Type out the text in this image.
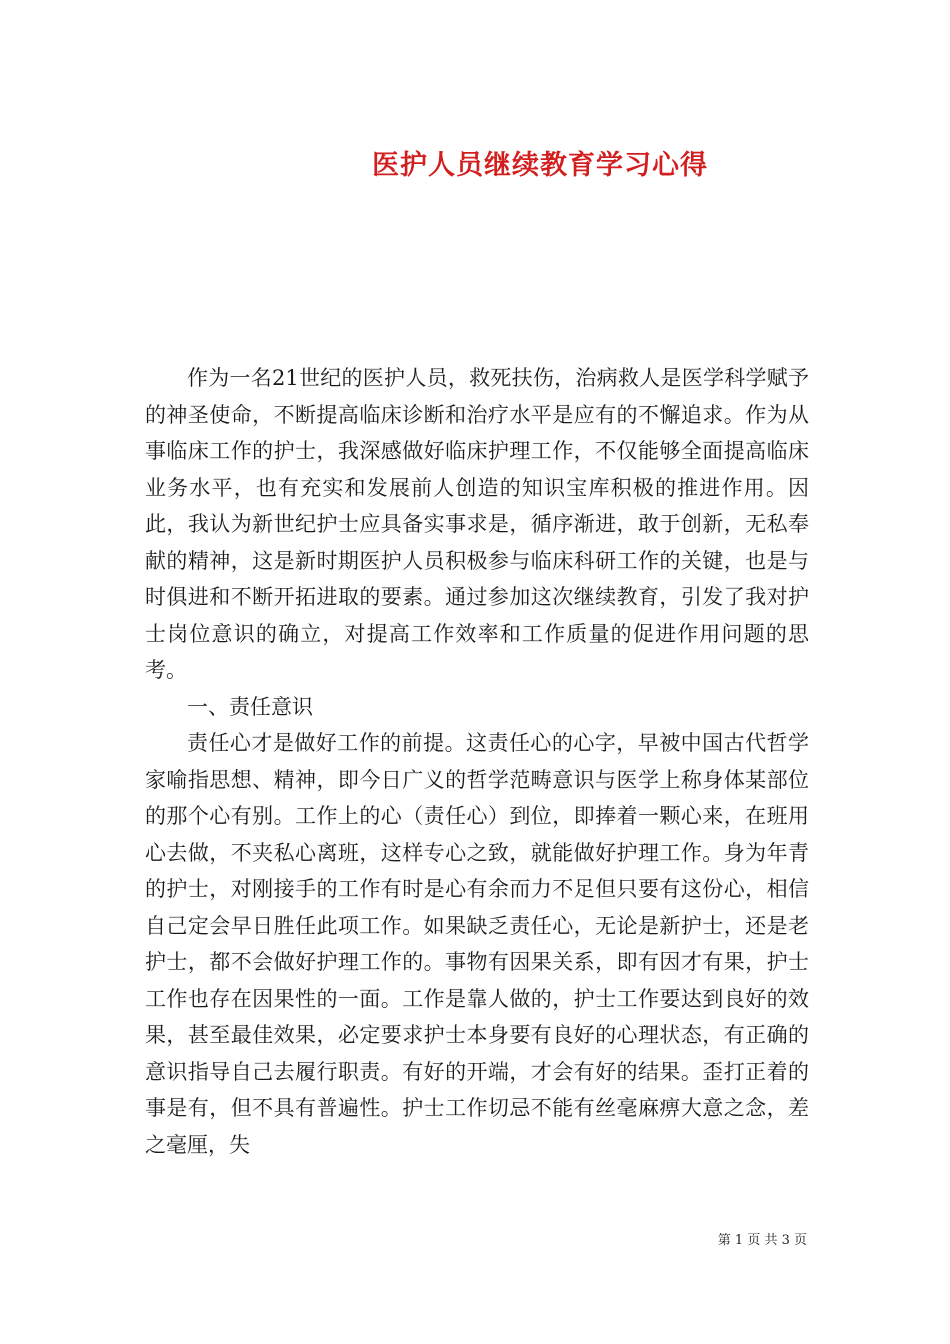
医护人员继续教育学习心得

作为一名21世纪的医护人员，救死扶伤，治病救人是医学科学赋予的神圣使命，不断提高临床诊断和治疗水平是应有的不懈追求。作为从事临床工作的护士，我深感做好临床护理工作，不仅能够全面提高临床业务水平，也有充实和发展前人创造的知识宝库积极的推进作用。因此，我认为新世纪护士应具备实事求是，循序渐进，敢于创新，无私奉献的精神，这是新时期医护人员积极参与临床科研工作的关键，也是与时俱进和不断开拓进取的要素。通过参加这次继续教育，引发了我对护士岗位意识的确立，对提高工作效率和工作质量的促进作用问题的思考。

一、责任意识

责任心才是做好工作的前提。这责任心的心字，早被中国古代哲学家喻指思想、精神，即今日广义的哲学范畴意识与医学上称身体某部位的那个心有别。工作上的心（责任心）到位，即捧着一颗心来，在班用心去做，不夹私心离班，这样专心之致，就能做好护理工作。身为年青的护士，对刚接手的工作有时是心有余而力不足但只要有这份心，相信自己定会早日胜任此项工作。如果缺乏责任心，无论是新护士，还是老护士，都不会做好护理工作的。事物有因果关系，即有因才有果，护士工作也存在因果性的一面。工作是靠人做的，护士工作要达到良好的效果，甚至最佳效果，必定要求护士本身要有良好的心理状态，有正确的意识指导自己去履行职责。有好的开端，才会有好的结果。歪打正着的事是有，但不具有普遍性。护士工作切忌不能有丝毫麻痹大意之念，差之毫厘，失

第 1 页 共 3 页
